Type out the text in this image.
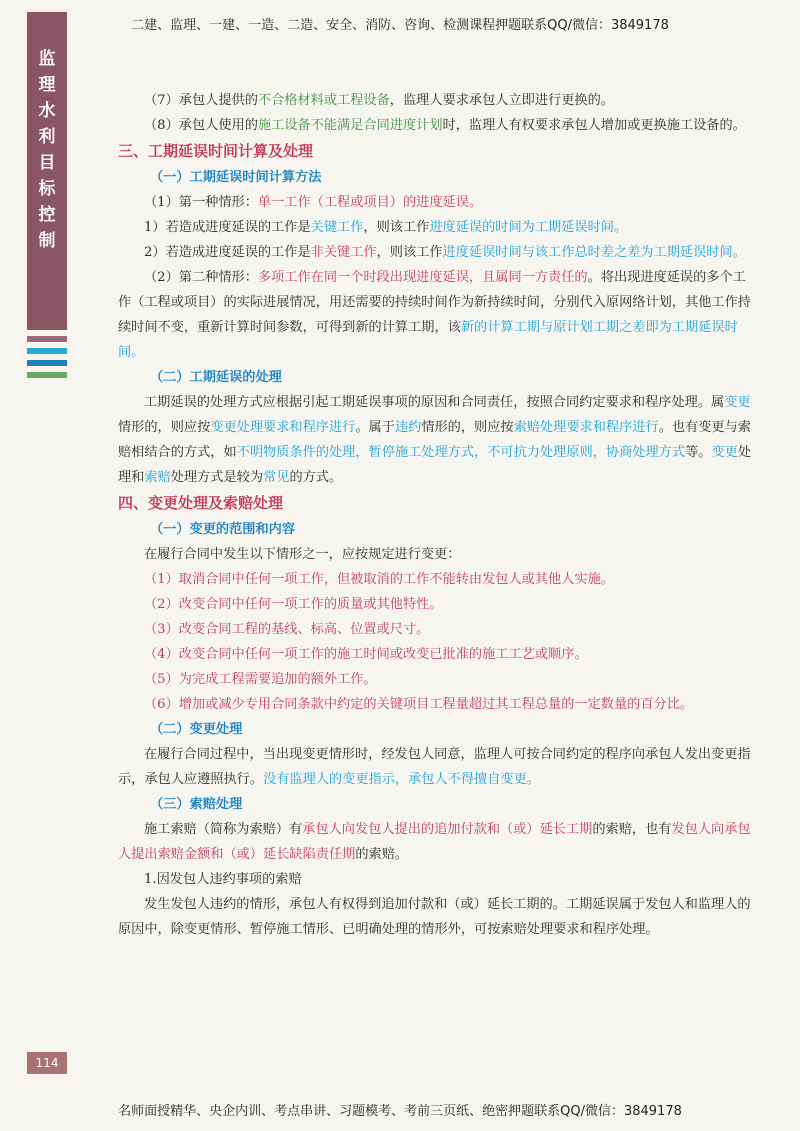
二建、监理、一建、一造、二造、安全、消防、咨询、检测课程押题联系QQ/微信：3849178
监
理
水
利
目
标
控
制

（7）承包人提供的不合格材料或工程设备，监理人要求承包人立即进行更换的。

（8）承包人使用的施工设备不能满足合同进度计划时，监理人有权要求承包人增加或更换施工设备的。

三、工期延误时间计算及处理
（一）工期延误时间计算方法

（1）第一种情形：单一工作（工程或项目）的进度延误。

1）若造成进度延误的工作是关键工作，则该工作进度延误的时间为工期延误时间。

2）若造成进度延误的工作是非关键工作，则该工作进度延误时间与该工作总时差之差为工期延误时间。

（2）第二种情形：多项工作在同一个时段出现进度延误，且属同一方责任的。将出现进度延误的多个工作（工程或项目）的实际进展情况，用还需要的持续时间作为新持续时间，分别代入原网络计划，其他工作持续时间不变，重新计算时间参数，可得到新的计算工期，该新的计算工期与原计划工期之差即为工期延误时间。

（二）工期延误的处理

工期延误的处理方式应根据引起工期延误事项的原因和合同责任，按照合同约定要求和程序处理。属变更情形的，则应按变更处理要求和程序进行。属于违约情形的，则应按索赔处理要求和程序进行。也有变更与索赔相结合的方式，如不明物质条件的处理，暂停施工处理方式，不可抗力处理原则，协商处理方式等。变更处理和索赔处理方式是较为常见的方式。

四、变更处理及索赔处理
（一）变更的范围和内容

在履行合同中发生以下情形之一，应按规定进行变更：

（1）取消合同中任何一项工作，但被取消的工作不能转由发包人或其他人实施。

（2）改变合同中任何一项工作的质量或其他特性。

（3）改变合同工程的基线、标高、位置或尺寸。

（4）改变合同中任何一项工作的施工时间或改变已批准的施工工艺或顺序。

（5）为完成工程需要追加的额外工作。

（6）增加或减少专用合同条款中约定的关键项目工程量超过其工程总量的一定数量的百分比。

（二）变更处理

在履行合同过程中，当出现变更情形时，经发包人同意，监理人可按合同约定的程序向承包人发出变更指示，承包人应遵照执行。没有监理人的变更指示，承包人不得擅自变更。

（三）索赔处理

施工索赔（简称为索赔）有承包人向发包人提出的追加付款和（或）延长工期的索赔，也有发包人向承包人提出索赔金额和（或）延长缺陷责任期的索赔。

1.因发包人违约事项的索赔

发生发包人违约的情形，承包人有权得到追加付款和（或）延长工期的。工期延误属于发包人和监理人的原因中，除变更情形、暂停施工情形、已明确处理的情形外，可按索赔处理要求和程序处理。

114
名师面授精华、央企内训、考点串讲、习题模考、考前三页纸、绝密押题联系QQ/微信：3849178
